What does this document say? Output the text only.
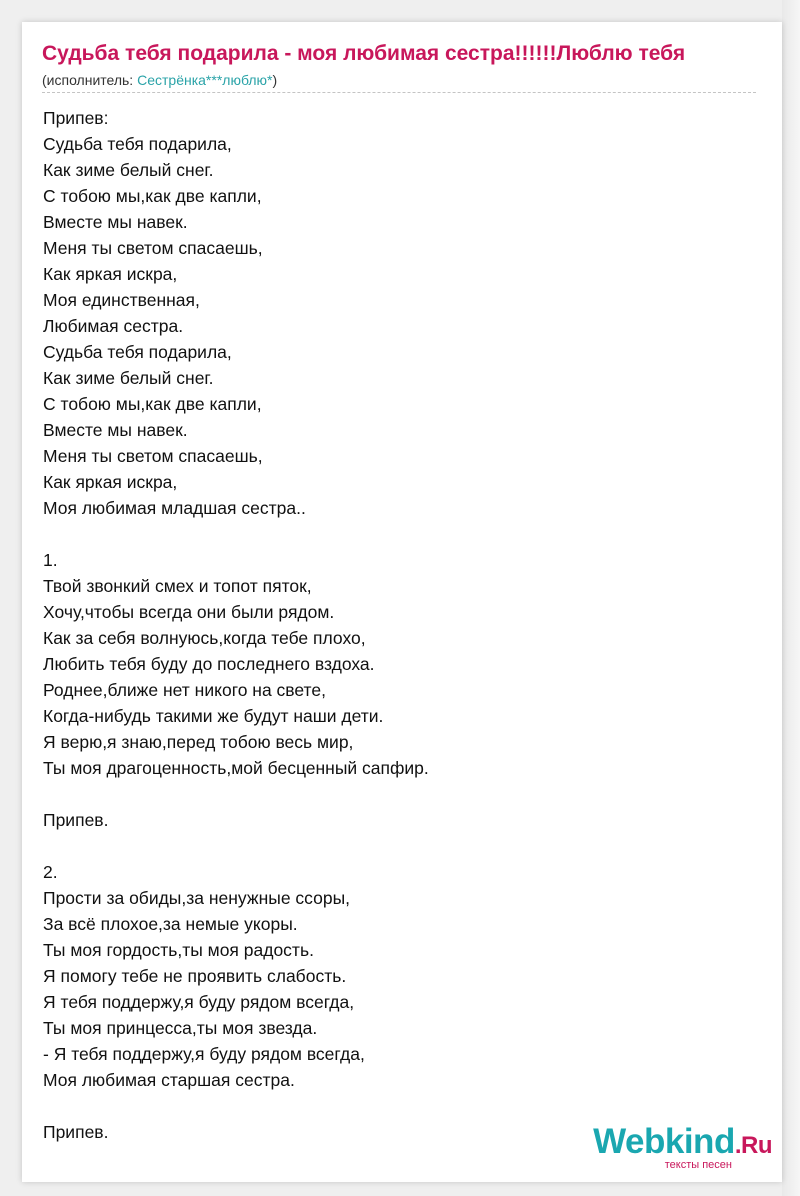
Судьба тебя подарила - моя любимая сестра!!!!!!Люблю тебя
(исполнитель: Сестрёнка***люблю*)
Припев:
Судьба тебя подарила,
Как зиме белый снег.
С тобою мы,как две капли,
Вместе мы навек.
Меня ты светом спасаешь,
Как яркая искра,
Моя единственная,
Любимая сестра.
Судьба тебя подарила,
Как зиме белый снег.
С тобою мы,как две капли,
Вместе мы навек.
Меня ты светом спасаешь,
Как яркая искра,
Моя любимая младшая сестра..
1.
Твой звонкий смех и топот пяток,
Хочу,чтобы всегда они были рядом.
Как за себя волнуюсь,когда тебе плохо,
Любить тебя буду до последнего вздоха.
Роднее,ближе нет никого на свете,
Когда-нибудь такими же будут наши дети.
Я верю,я знаю,перед тобою весь мир,
Ты моя драгоценность,мой бесценный сапфир.
Припев.
2.
Прости за обиды,за ненужные ссоры,
За всё плохое,за немые укоры.
Ты моя гордость,ты моя радость.
Я помогу тебе не проявить слабость.
Я тебя поддержу,я буду рядом всегда,
Ты моя принцесса,ты моя звезда.
- Я тебя поддержу,я буду рядом всегда,
Моя любимая старшая сестра.
Припев.	Webkind.Ru
тексты песен
